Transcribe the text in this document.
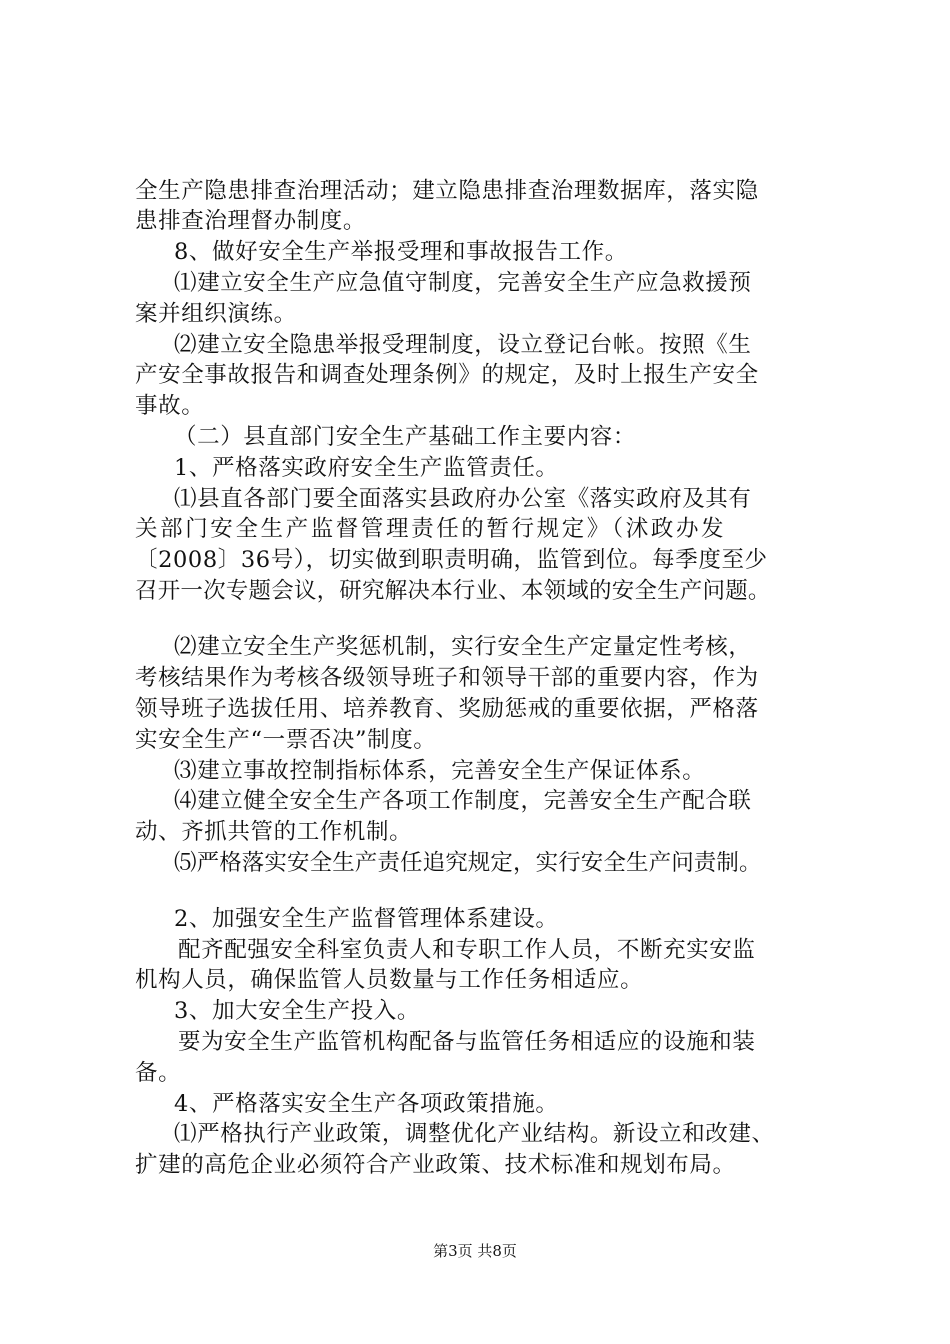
全生产隐患排查治理活动；建立隐患排查治理数据库，落实隐
患排查治理督办制度。
8、做好安全生产举报受理和事故报告工作。
⑴建立安全生产应急值守制度，完善安全生产应急救援预
案并组织演练。
⑵建立安全隐患举报受理制度，设立登记台帐。按照《生
产安全事故报告和调查处理条例》的规定，及时上报生产安全
事故。
（二）县直部门安全生产基础工作主要内容：
1、严格落实政府安全生产监管责任。
⑴县直各部门要全面落实县政府办公室《落实政府及其有
关部门安全生产监督管理责任的暂行规定》（沭政办发
〔2008〕36号），切实做到职责明确，监管到位。每季度至少
召开一次专题会议，研究解决本行业、本领域的安全生产问题。
⑵建立安全生产奖惩机制，实行安全生产定量定性考核，
考核结果作为考核各级领导班子和领导干部的重要内容，作为
领导班子选拔任用、培养教育、奖励惩戒的重要依据，严格落
实安全生产“一票否决”制度。
⑶建立事故控制指标体系，完善安全生产保证体系。
⑷建立健全安全生产各项工作制度，完善安全生产配合联
动、齐抓共管的工作机制。
⑸严格落实安全生产责任追究规定，实行安全生产问责制。
2、加强安全生产监督管理体系建设。
配齐配强安全科室负责人和专职工作人员，不断充实安监
机构人员，确保监管人员数量与工作任务相适应。
3、加大安全生产投入。
要为安全生产监管机构配备与监管任务相适应的设施和装
备。
4、严格落实安全生产各项政策措施。
⑴严格执行产业政策，调整优化产业结构。新设立和改建、
扩建的高危企业必须符合产业政策、技术标准和规划布局。
第3页 共8页
